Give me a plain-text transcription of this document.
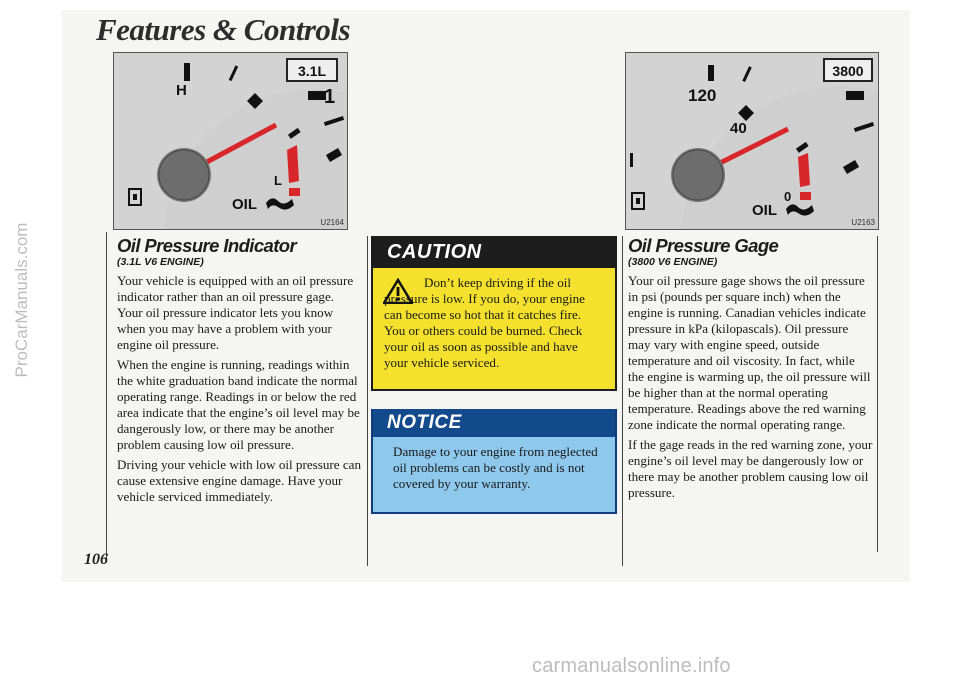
ProCarManuals.com
Features & Controls
H
3.1L
1
L
OIL
U2164
120
3800
40
0
OIL
U2163
Oil Pressure Indicator
(3.1L V6 ENGINE)

Your vehicle is equipped with an oil pressure indicator rather than an oil pressure gage. Your oil pressure indicator lets you know when you may have a problem with your engine oil pressure.

When the engine is running, readings within the white graduation band indicate the normal operating range. Readings in or below the red area indicate that the engine’s oil level may be dangerously low, or there may be another problem causing low oil pressure.

Driving your vehicle with low oil pressure can cause extensive engine damage. Have your vehicle serviced immediately.

106
CAUTION
Don’t keep driving if the oil pressure is low. If you do, your engine can become so hot that it catches fire. You or others could be burned. Check your oil as soon as possible and have your vehicle serviced.
NOTICE
Damage to your engine from neglected oil problems can be costly and is not covered by your warranty.
Oil Pressure Gage
(3800 V6 ENGINE)

Your oil pressure gage shows the oil pressure in psi (pounds per square inch) when the engine is running. Canadian vehicles indicate pressure in kPa (kilopascals). Oil pressure may vary with engine speed, outside temperature and oil viscosity. In fact, while the engine is warming up, the oil pressure will be higher than at the normal operating temperature. Readings above the red warning zone indicate the normal operating range.

If the gage reads in the red warning zone, your engine’s oil level may be dangerously low or there may be another problem causing low oil pressure.

carmanualsonline.info
